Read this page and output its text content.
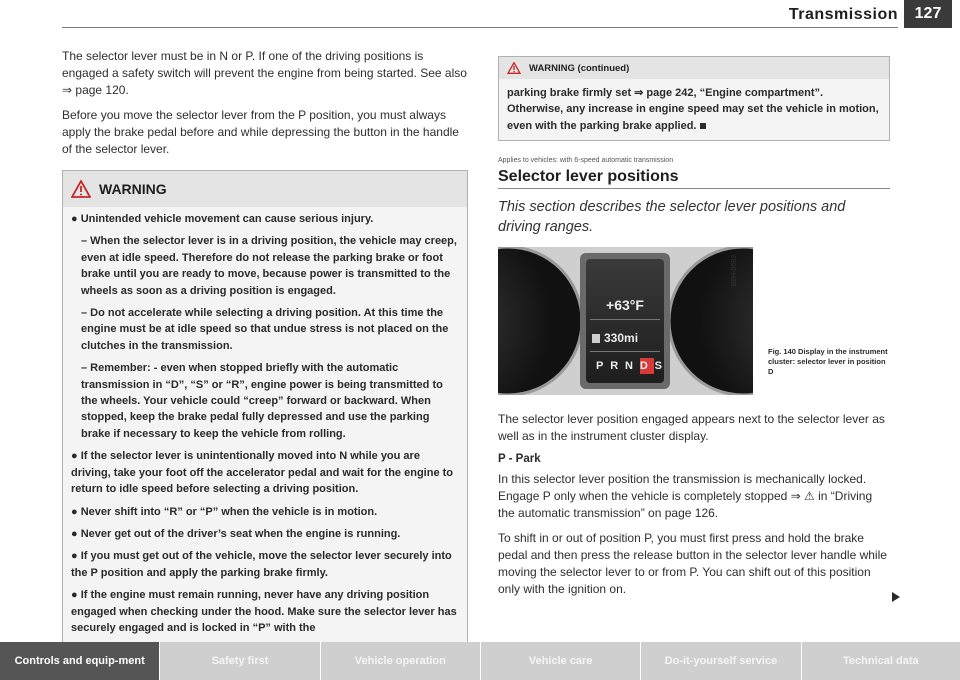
Transmission	127

The selector lever must be in N or P. If one of the driving positions is engaged a safety switch will prevent the engine from being started. See also ⇒ page 120.

Before you move the selector lever from the P position, you must always apply the brake pedal before and while depressing the button in the handle of the selector lever.

WARNING

● Unintended vehicle movement can cause serious injury.

– When the selector lever is in a driving position, the vehicle may creep, even at idle speed. Therefore do not release the parking brake or foot brake until you are ready to move, because power is transmitted to the wheels as soon as a driving position is engaged.

– Do not accelerate while selecting a driving position. At this time the engine must be at idle speed so that undue stress is not placed on the clutches in the transmission.

– Remember: - even when stopped briefly with the automatic transmission in “D”, “S” or “R”, engine power is being transmitted to the wheels. Your vehicle could “creep” forward or backward. When stopped, keep the brake pedal fully depressed and use the parking brake if necessary to keep the vehicle from rolling.

● If the selector lever is unintentionally moved into N while you are driving, take your foot off the accelerator pedal and wait for the engine to return to idle speed before selecting a driving position.

● Never shift into “R” or “P” when the vehicle is in motion.

● Never get out of the driver’s seat when the engine is running.

● If you must get out of the vehicle, move the selector lever securely into the P position and apply the parking brake firmly.

● If the engine must remain running, never have any driving position engaged when checking under the hood. Make sure the selector lever has securely engaged and is locked in “P” with the

WARNING (continued)

parking brake firmly set ⇒ page 242, “Engine compartment”. Otherwise, any increase in engine speed may set the vehicle in motion, even with the parking brake applied.

Applies to vehicles: with 6-speed automatic transmission
Selector lever positions
This section describes the selector lever positions and driving ranges.
+63°F
330mi
P R N D S
B8H-0692
Fig. 140 Display in the instrument cluster: selector lever in position D

The selector lever position engaged appears next to the selector lever as well as in the instrument cluster display.

P - Park

In this selector lever position the transmission is mechanically locked. Engage P only when the vehicle is completely stopped ⇒ ⚠ in “Driving the automatic transmission” on page 126.

To shift in or out of position P, you must first press and hold the brake pedal and then press the release button in the selector lever handle while moving the selector lever to or from P. You can shift out of this position only with the ignition on.

Controls and equip-ment	Safety first	Vehicle operation	Vehicle care	Do-it-yourself service	Technical data
